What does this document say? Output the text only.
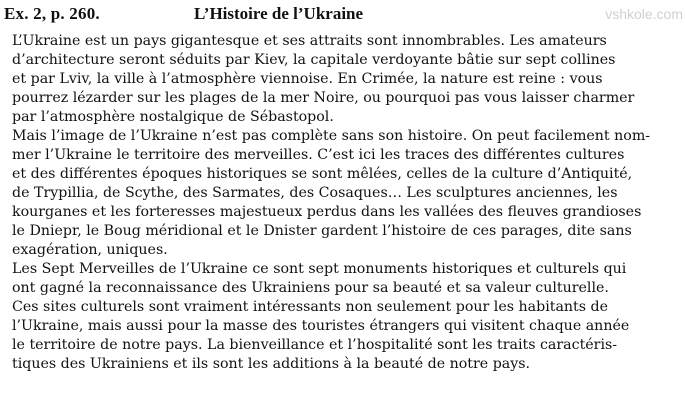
Ex. 2, p. 260.	L’Histoire de l’Ukraine	vshkole.com
L’Ukraine est un pays gigantesque et ses attraits sont innombrables. Les amateurs
d’architecture seront séduits par Kiev, la capitale verdoyante bâtie sur sept collines
et par Lviv, la ville à l’atmosphère viennoise. En Crimée, la nature est reine : vous
pourrez lézarder sur les plages de la mer Noire, ou pourquoi pas vous laisser charmer
par l’atmosphère nostalgique de Sébastopol.
Mais l’image de l’Ukraine n’est pas complète sans son histoire. On peut facilement nom-
mer l’Ukraine le territoire des merveilles. C’est ici les traces des différentes cultures
et des différentes époques historiques se sont mêlées, celles de la culture d’Antiquité,
de Trypillia, de Scythe, des Sarmates, des Cosaques… Les sculptures anciennes, les
kourganes et les forteresses majestueux perdus dans les vallées des fleuves grandioses
le Dniepr, le Boug méridional et le Dnister gardent l’histoire de ces parages, dite sans
exagération, uniques.
Les Sept Merveilles de l’Ukraine ce sont sept monuments historiques et culturels qui
ont gagné la reconnaissance des Ukrainiens pour sa beauté et sa valeur culturelle.
Ces sites culturels sont vraiment intéressants non seulement pour les habitants de
l’Ukraine, mais aussi pour la masse des touristes étrangers qui visitent chaque année
le territoire de notre pays. La bienveillance et l’hospitalité sont les traits caractéris-
tiques des Ukrainiens et ils sont les additions à la beauté de notre pays.
